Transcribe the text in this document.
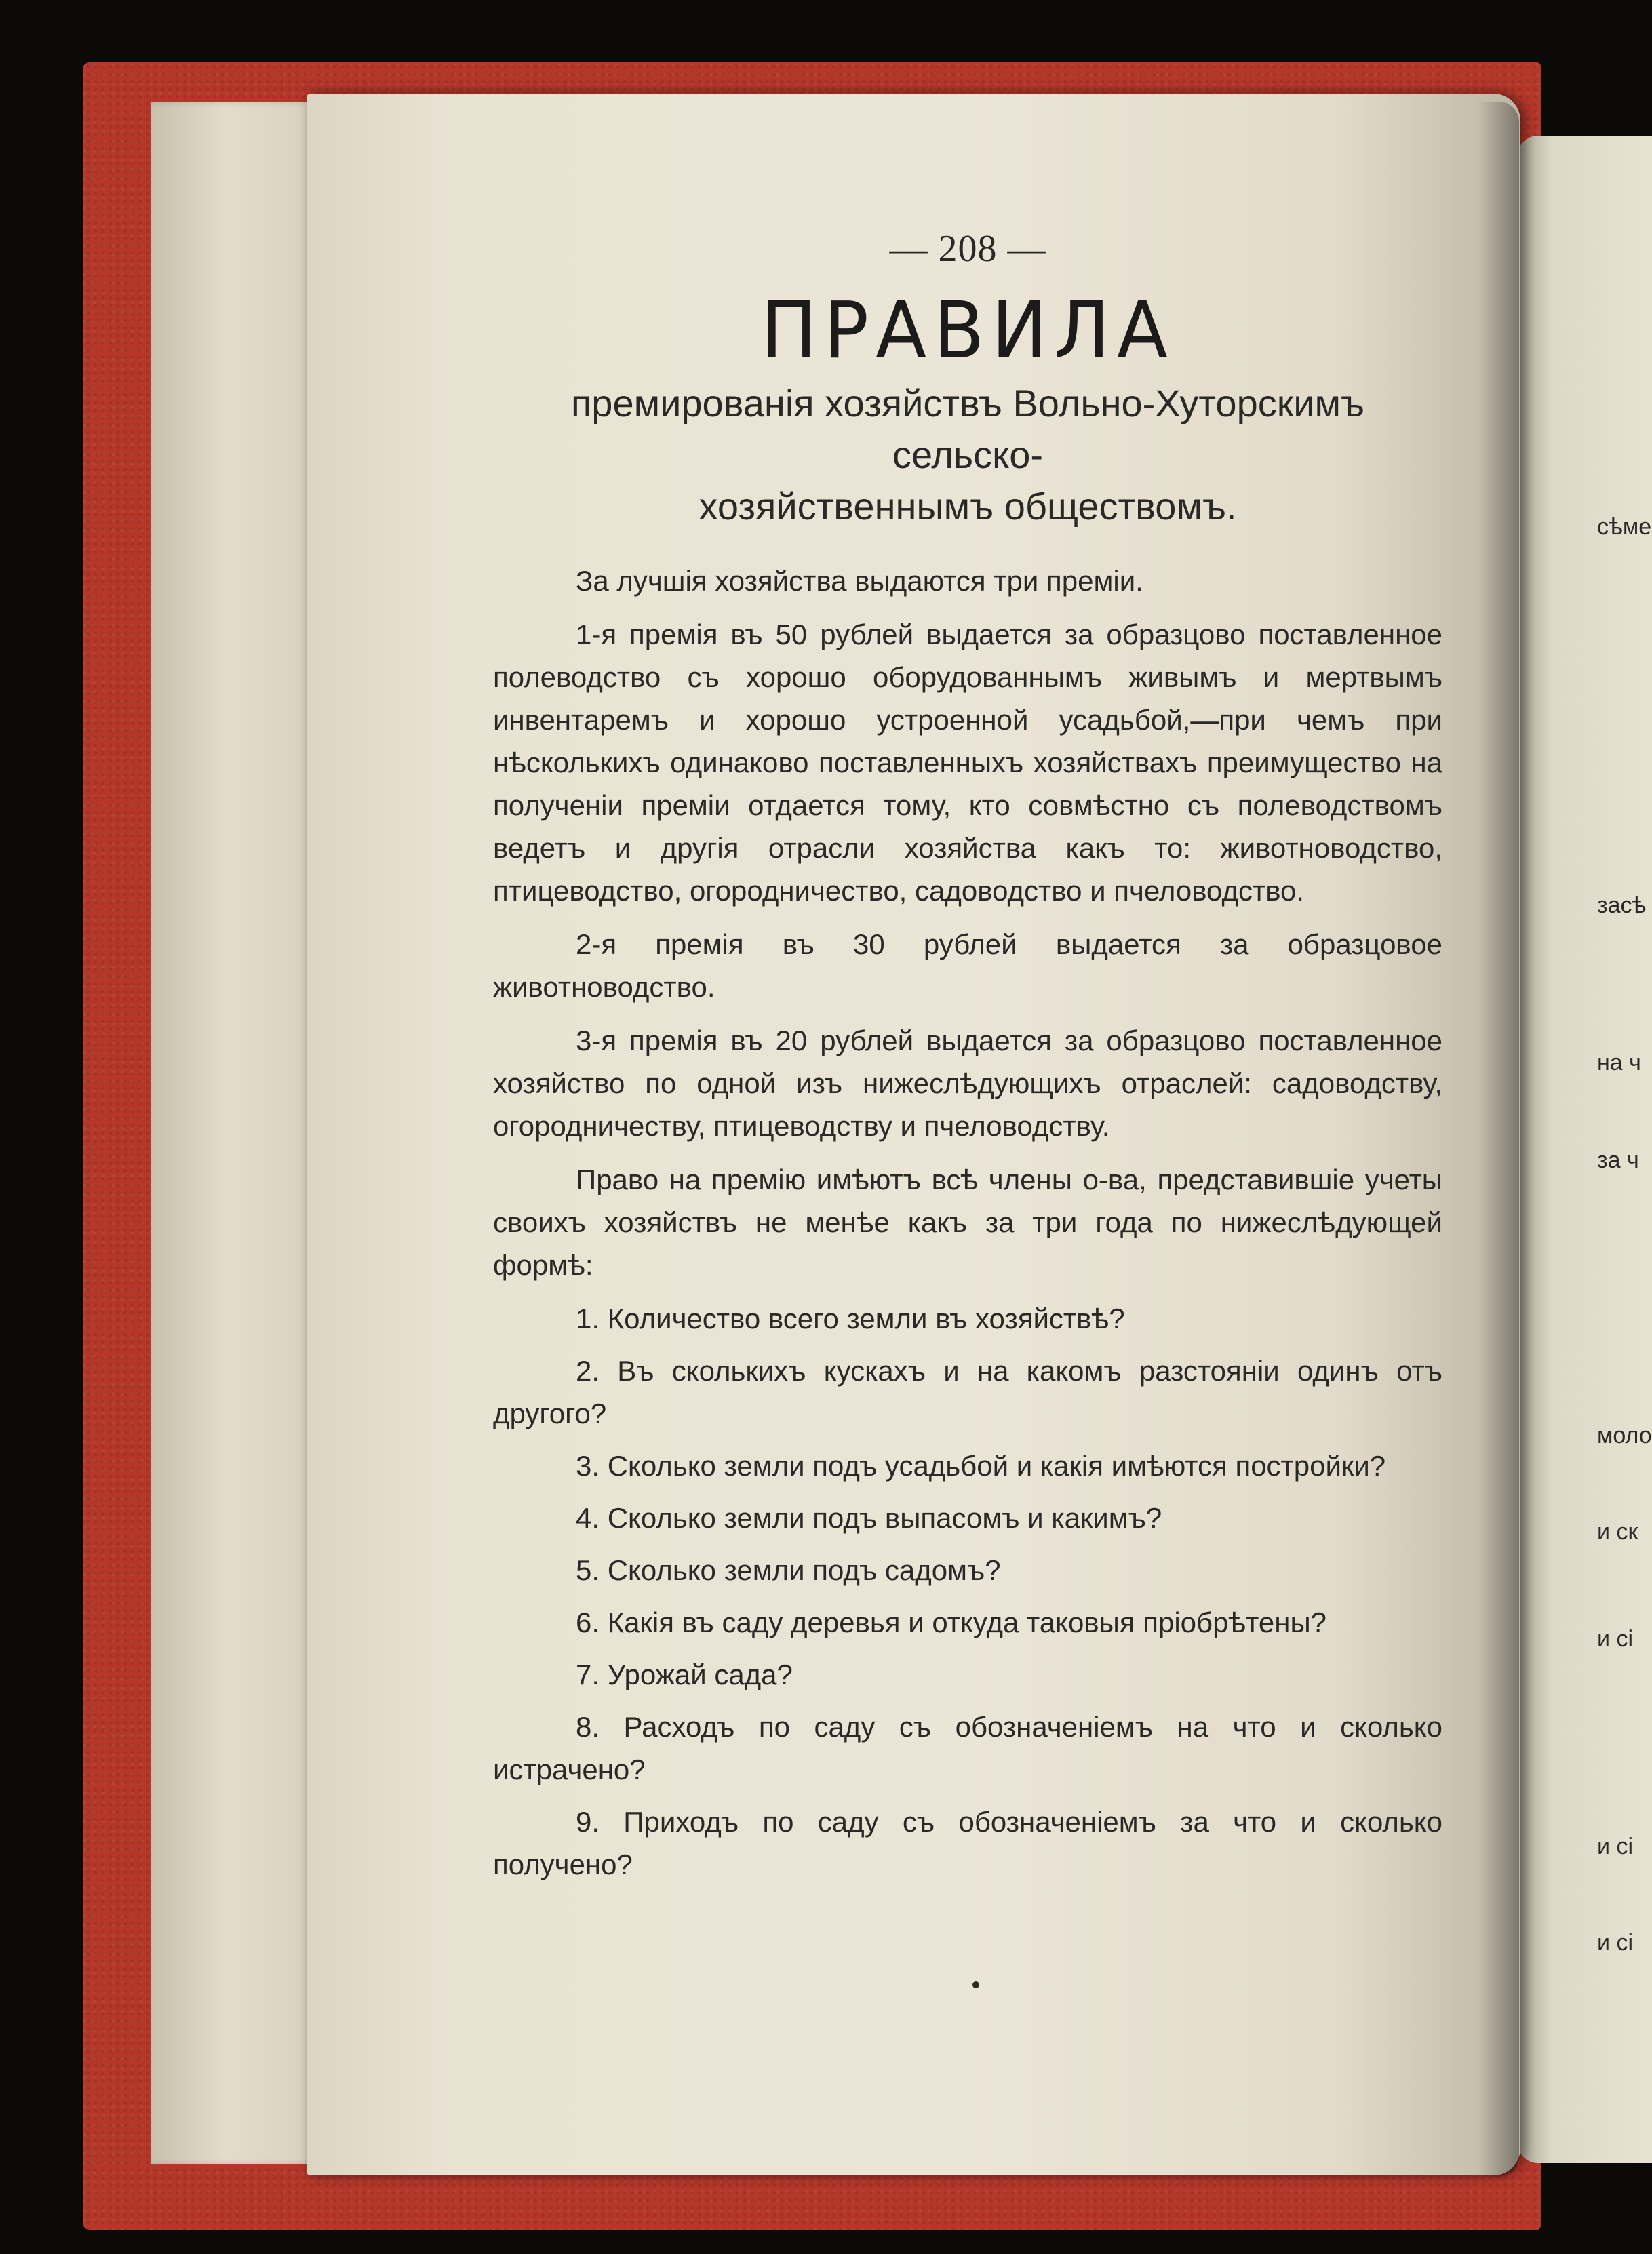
— 208 —
ПРАВИЛА
премированія хозяйствъ Вольно-Хуторскимъ сельско-
хозяйственнымъ обществомъ.

За лучшія хозяйства выдаются три преміи.

1-я премія въ 50 рублей выдается за образцово поставленное полеводство съ хорошо оборудованнымъ живымъ и мертвымъ инвентаремъ и хорошо устроенной усадьбой,—при чемъ при нѣсколькихъ одинаково поставленныхъ хозяйствахъ преимущество на полученіи преміи отдается тому, кто совмѣстно съ полеводствомъ ведетъ и другія отрасли хозяйства какъ то: животноводство, птицеводство, огородничество, садоводство и пчеловодство.

2-я премія въ 30 рублей выдается за образцовое животноводство.

3-я премія въ 20 рублей выдается за образцово поставленное хозяйство по одной изъ нижеслѣдующихъ отраслей: садоводству, огородничеству, птицеводству и пчеловодству.

Право на премію имѣютъ всѣ члены о-ва, представившіе учеты своихъ хозяйствъ не менѣе какъ за три года по нижеслѣдующей формѣ:

1. Количество всего земли въ хозяйствѣ?

2. Въ сколькихъ кускахъ и на какомъ разстояніи одинъ отъ другого?

3. Сколько земли подъ усадьбой и какія имѣются постройки?

4. Сколько земли подъ выпасомъ и какимъ?

5. Сколько земли подъ садомъ?

6. Какія въ саду деревья и откуда таковыя пріобрѣтены?

7. Урожай сада?

8. Расходъ по саду съ обозначеніемъ на что и сколько истрачено?

9. Приходъ по саду съ обозначеніемъ за что и сколько получено?

сѣме
засѣ
на ч
за ч
моло
и ск
и сі
и сі
и сі
